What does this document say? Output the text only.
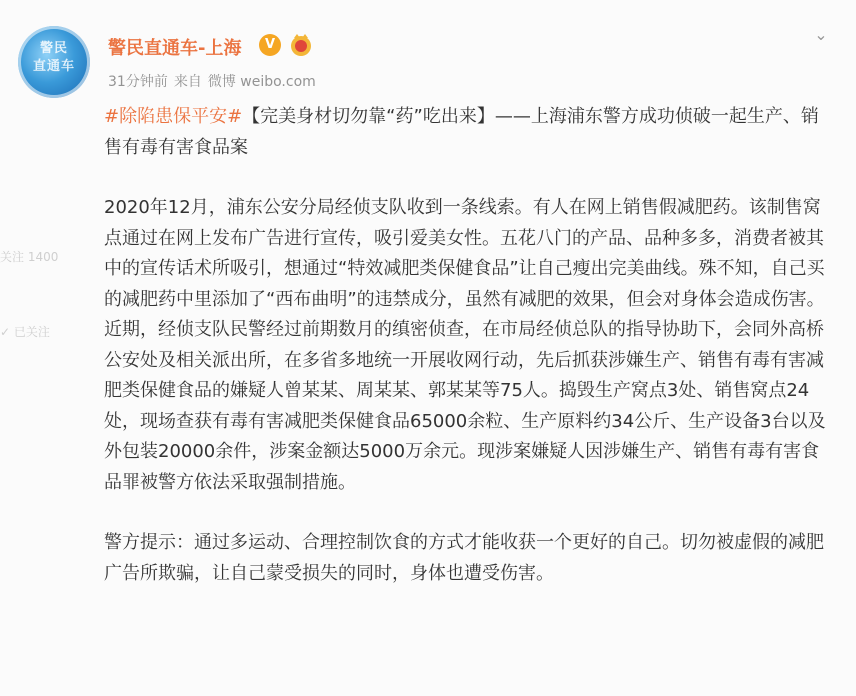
警民
直通车
警民直通车-上海	V
⌄
31分钟前 来自 微博 weibo.com

#除陷患保平安#【完美身材切勿靠“药”吃出来】——上海浦东警方成功侦破一起生产、销售有毒有害食品案

2020年12月，浦东公安分局经侦支队收到一条线索。有人在网上销售假减肥药。该制售窝点通过在网上发布广告进行宣传，吸引爱美女性。五花八门的产品、品种多多，消费者被其中的宣传话术所吸引，想通过“特效减肥类保健食品”让自己瘦出完美曲线。殊不知，自己买的减肥药中里添加了“西布曲明”的违禁成分，虽然有减肥的效果，但会对身体会造成伤害。

近期，经侦支队民警经过前期数月的缜密侦查，在市局经侦总队的指导协助下，会同外高桥公安处及相关派出所，在多省多地统一开展收网行动，先后抓获涉嫌生产、销售有毒有害减肥类保健食品的嫌疑人曾某某、周某某、郭某某等75人。捣毁生产窝点3处、销售窝点24处，现场查获有毒有害减肥类保健食品65000余粒、生产原料约34公斤、生产设备3台以及外包装20000余件，涉案金额达5000万余元。现涉案嫌疑人因涉嫌生产、销售有毒有害食品罪被警方依法采取强制措施。

警方提示：通过多运动、合理控制饮食的方式才能收获一个更好的自己。切勿被虚假的减肥广告所欺骗，让自己蒙受损失的同时，身体也遭受伤害。

关注 1400
✓ 已关注
